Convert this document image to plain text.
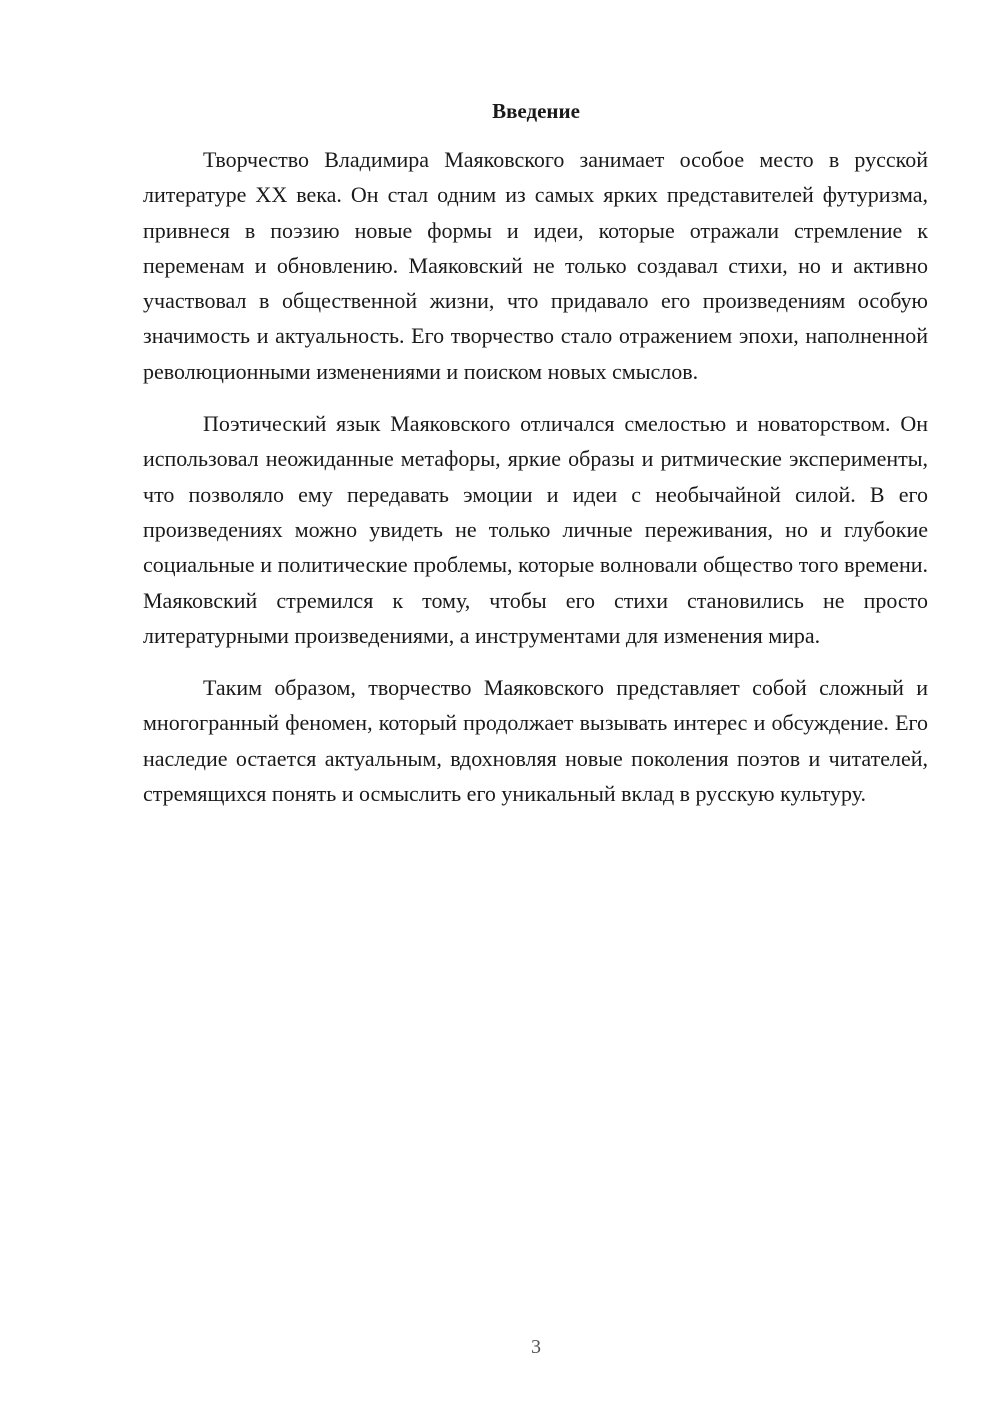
Введение

Творчество Владимира Маяковского занимает особое место в русской литературе XX века. Он стал одним из самых ярких представителей футуризма, привнеся в поэзию новые формы и идеи, которые отражали стремление к переменам и обновлению. Маяковский не только создавал стихи, но и активно участвовал в общественной жизни, что придавало его произведениям особую значимость и актуальность. Его творчество стало отражением эпохи, наполненной революционными изменениями и поиском новых смыслов.

Поэтический язык Маяковского отличался смелостью и новаторством. Он использовал неожиданные метафоры, яркие образы и ритмические эксперименты, что позволяло ему передавать эмоции и идеи с необычайной силой. В его произведениях можно увидеть не только личные переживания, но и глубокие социальные и политические проблемы, которые волновали общество того времени. Маяковский стремился к тому, чтобы его стихи становились не просто литературными произведениями, а инструментами для изменения мира.

Таким образом, творчество Маяковского представляет собой сложный и многогранный феномен, который продолжает вызывать интерес и обсуждение. Его наследие остается актуальным, вдохновляя новые поколения поэтов и читателей, стремящихся понять и осмыслить его уникальный вклад в русскую культуру.

3
